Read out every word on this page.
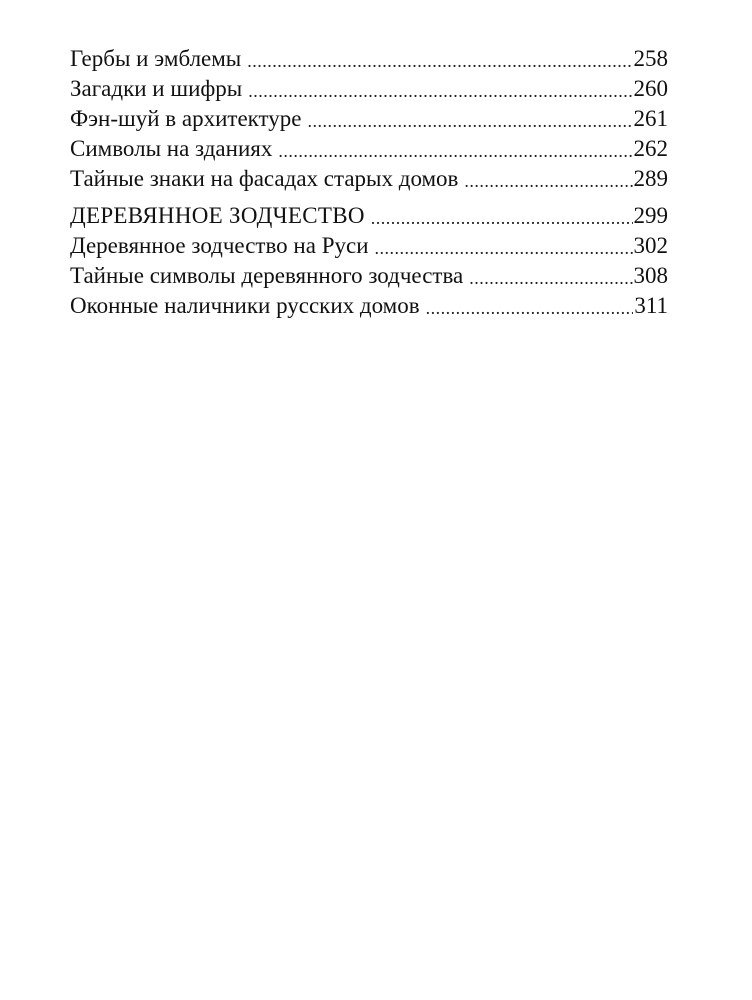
Гербы и эмблемы .....	258
Загадки и шифры .....	260
Фэн-шуй в архитектуре .....	261
Символы на зданиях .....	262
Тайные знаки на фасадах старых домов .....	289
ДЕРЕВЯННОЕ ЗОДЧЕСТВО .....	299
Деревянное зодчество на Руси .....	302
Тайные символы деревянного зодчества .....	308
Оконные наличники русских домов .....	311
